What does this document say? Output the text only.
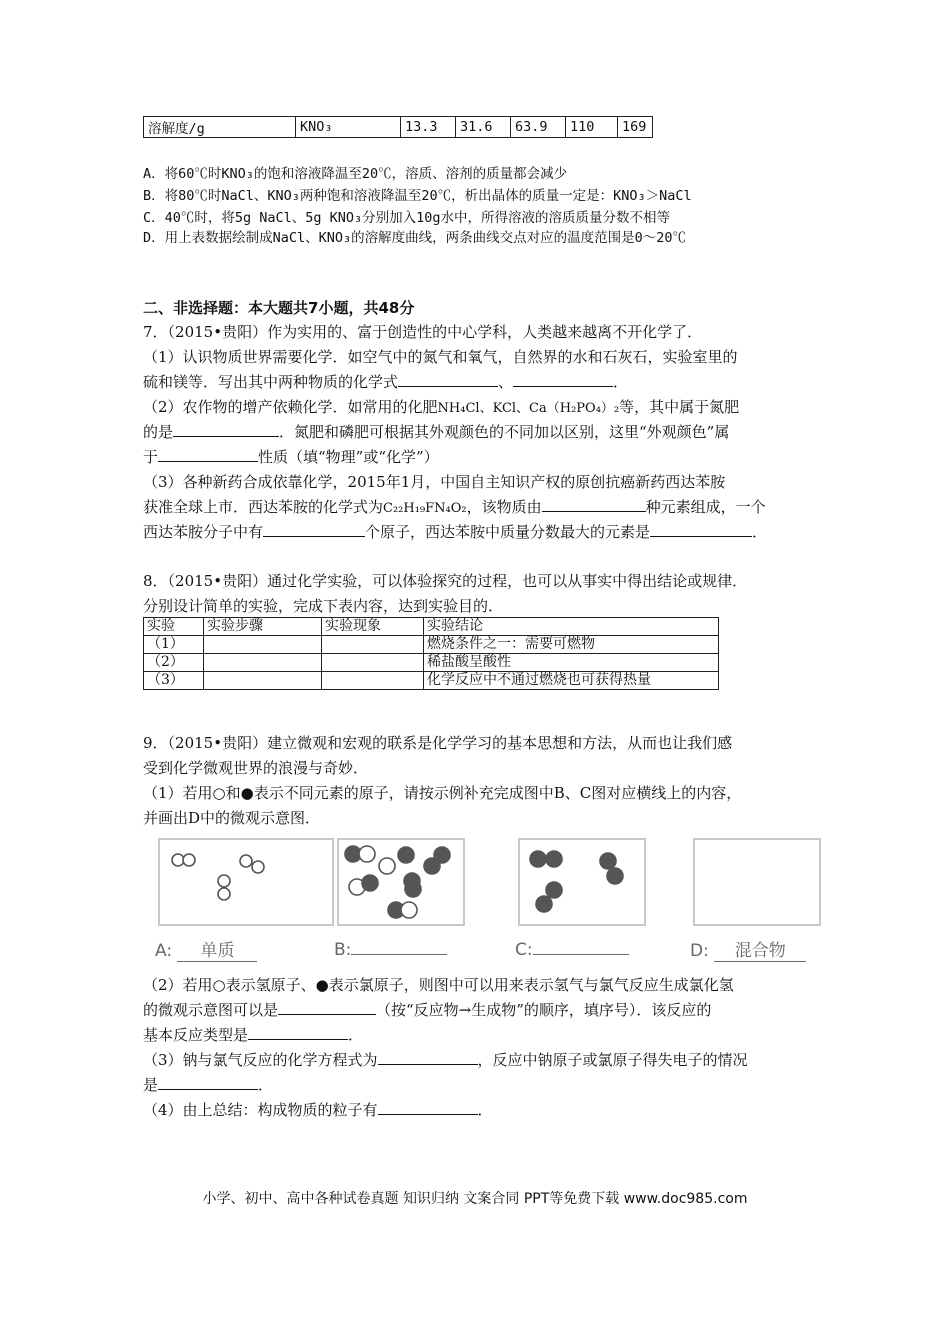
溶解度/g	KNO₃	13.3	31.6	63.9	110	169
A．将60℃时KNO₃的饱和溶液降温至20℃，溶质、溶剂的质量都会减少
B．将80℃时NaCl、KNO₃两种饱和溶液降温至20℃，析出晶体的质量一定是：KNO₃＞NaCl
C．40℃时，将5g NaCl、5g KNO₃分别加入10g水中，所得溶液的溶质质量分数不相等
D．用上表数据绘制成NaCl、KNO₃的溶解度曲线，两条曲线交点对应的温度范围是0～20℃
二、非选择题：本大题共7小题，共48分
7．（2015•贵阳）作为实用的、富于创造性的中心学科，人类越来越离不开化学了．
（1）认识物质世界需要化学．如空气中的氮气和氧气，自然界的水和石灰石，实验室里的
硫和镁等．写出其中两种物质的化学式	、	．
（2）农作物的增产依赖化学．如常用的化肥NH₄Cl、KCl、Ca（H₂PO₄）₂等，其中属于氮肥
的是	．氮肥和磷肥可根据其外观颜色的不同加以区别，这里“外观颜色”属
于	性质（填“物理”或“化学”）
（3）各种新药合成依靠化学，2015年1月，中国自主知识产权的原创抗癌新药西达苯胺
获准全球上市．西达苯胺的化学式为C₂₂H₁₉FN₄O₂，该物质由	种元素组成，一个
西达苯胺分子中有	个原子，西达苯胺中质量分数最大的元素是	．
8．（2015•贵阳）通过化学实验，可以体验探究的过程，也可以从事实中得出结论或规律．
分别设计简单的实验，完成下表内容，达到实验目的．
实验	实验步骤	实验现象	实验结论
（1）			燃烧条件之一：需要可燃物
（2）			稀盐酸呈酸性
（3）			化学反应中不通过燃烧也可获得热量
9．（2015•贵阳）建立微观和宏观的联系是化学学习的基本思想和方法，从而也让我们感
受到化学微观世界的浪漫与奇妙．
（1）若用○和●表示不同元素的原子，请按示例补充完成图中B、C图对应横线上的内容，
并画出D中的微观示意图．
A: 单质	B:	C:	D: 混合物
（2）若用○表示氢原子、●表示氯原子，则图中可以用来表示氢气与氯气反应生成氯化氢
的微观示意图可以是	（按“反应物→生成物”的顺序，填序号）．该反应的
基本反应类型是	．
（3）钠与氯气反应的化学方程式为	，反应中钠原子或氯原子得失电子的情况
是	．
（4）由上总结：构成物质的粒子有	．
小学、初中、高中各种试卷真题 知识归纳 文案合同 PPT等免费下载 www.doc985.com
